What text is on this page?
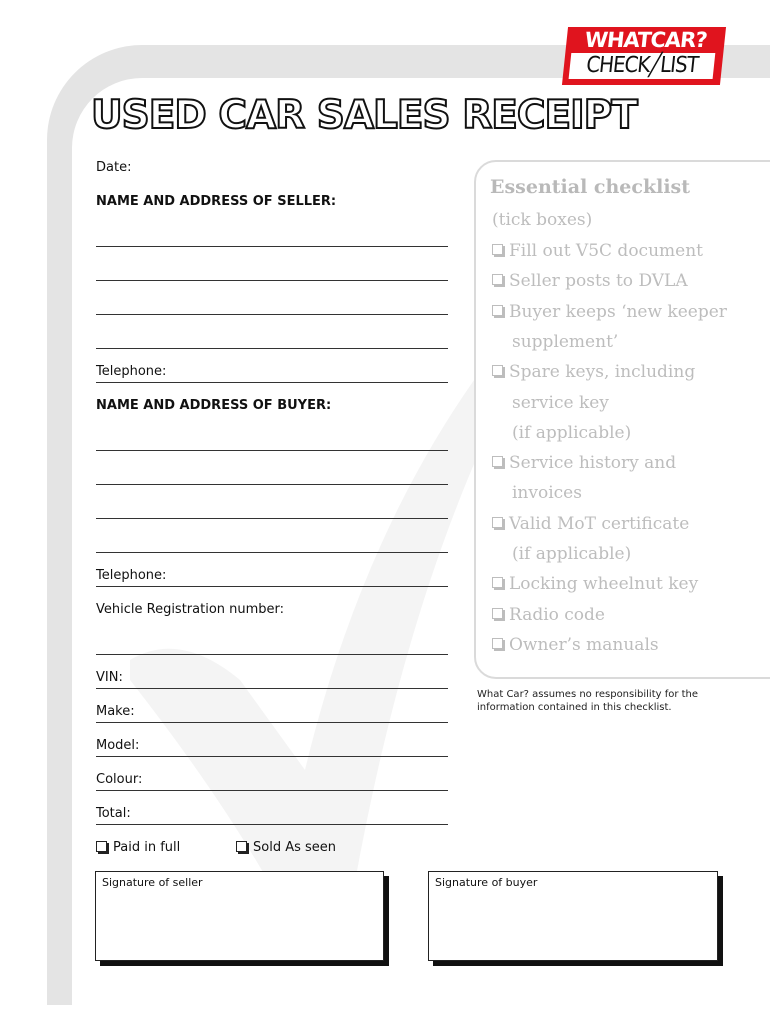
WHATCAR?
CHECK╱LIST
USED CAR SALES RECEIPT
Date:
NAME AND ADDRESS OF SELLER:
Telephone:
NAME AND ADDRESS OF BUYER:
Telephone:
Vehicle Registration number:
VIN:
Make:
Model:
Colour:
Total:
Paid in full	Sold As seen
Essential checklist
(tick boxes)
Fill out V5C document
Seller posts to DVLA
Buyer keeps ‘new keeper
supplement’
Spare keys, including
service key
(if applicable)
Service history and
invoices
Valid MoT certificate
(if applicable)
Locking wheelnut key
Radio code
Owner’s manuals
What Car? assumes no responsibility for the information contained in this checklist.
Signature of seller	Signature of buyer
